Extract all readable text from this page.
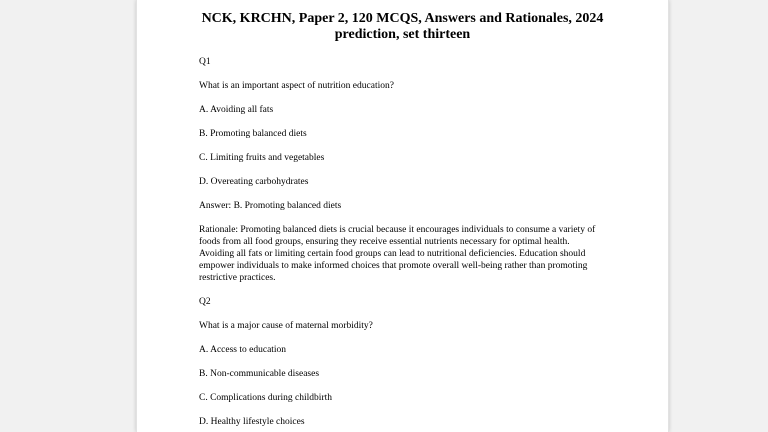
NCK, KRCHN, Paper 2, 120 MCQS, Answers and Rationales, 2024 prediction, set thirteen

Q1

What is an important aspect of nutrition education?

A. Avoiding all fats

B. Promoting balanced diets

C. Limiting fruits and vegetables

D. Overeating carbohydrates

Answer: B. Promoting balanced diets

Rationale: Promoting balanced diets is crucial because it encourages individuals to consume a variety of foods from all food groups, ensuring they receive essential nutrients necessary for optimal health. Avoiding all fats or limiting certain food groups can lead to nutritional deficiencies. Education should empower individuals to make informed choices that promote overall well-being rather than promoting restrictive practices.

Q2

What is a major cause of maternal morbidity?

A. Access to education

B. Non-communicable diseases

C. Complications during childbirth

D. Healthy lifestyle choices
